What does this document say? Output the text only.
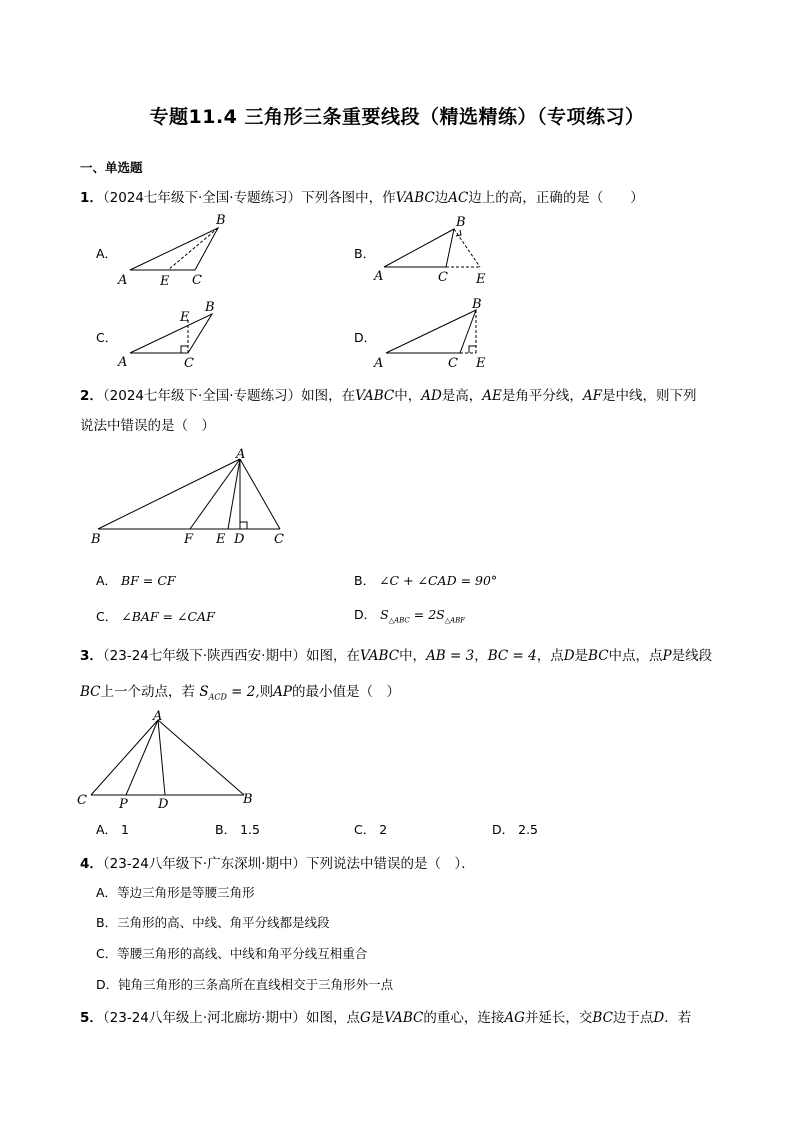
专题11.4 三角形三条重要线段（精选精练）（专项练习）
一、单选题
1．（2024七年级下·全国·专题练习）下列各图中，作VABC边AC边上的高，正确的是（　　）
A．
B
A	E C
B．
B
A	C E
C．
B
E
A	C
D．
B
A	C E
2．（2024七年级下·全国·专题练习）如图，在VABC中，AD是高，AE是角平分线，AF是中线，则下列
说法中错误的是（　）
A
B	F E D C
A． BF = CF	B． ∠C + ∠CAD = 90°
C． ∠BAF = ∠CAF	D． $S_{\triangle ABC} = 2S_{\triangle ABF}$
3．（23-24七年级下·陕西西安·期中）如图，在VABC中，AB = 3，BC = 4，点D是BC中点，点P是线段
BC上一个动点，若 $S_{ACD} = 2$,则AP的最小值是（　）
A
C P D	B
A． 1	B． 1.5	C． 2	D． 2.5
4．（23-24八年级下·广东深圳·期中）下列说法中错误的是（　）．
A．等边三角形是等腰三角形
B．三角形的高、中线、角平分线都是线段
C．等腰三角形的高线、中线和角平分线互相重合
D．钝角三角形的三条高所在直线相交于三角形外一点
5．（23-24八年级上·河北廊坊·期中）如图，点G是VABC的重心，连接AG并延长，交BC边于点D．若
